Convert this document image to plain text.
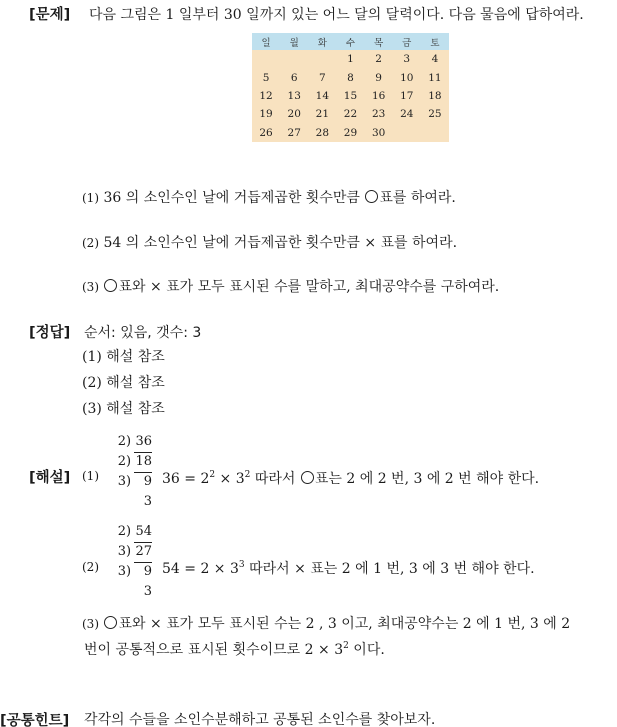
[문제] 다음 그림은 1 일부터 30 일까지 있는 어느 달의 달력이다. 다음 물음에 답하여라.
일	월	화	수	목	금	토
			1	2	3	4
5	6	7	8	9	10	11
12	13	14	15	16	17	18
19	20	21	22	23	24	25
26	27	28	29	30		
(1) 36 의 소인수인 날에 거듭제곱한 횟수만큼 ○표를 하여라.
(2) 54 의 소인수인 날에 거듭제곱한 횟수만큼 × 표를 하여라.
(3) ○표와 × 표가 모두 표시된 수를 말하고, 최대공약수를 구하여라.
[정답] 순서: 있음, 갯수: 3
(1) 해설 참조
(2) 해설 참조
(3) 해설 참조
[해설] (1)
2) 36
2) 18
3) 9
3
$36 = 2^2 \times 3^2$ 따라서 ○표는 2 에 2 번, 3 에 2 번 해야 한다.
(2)
2) 54
3) 27
3) 9
3
$54 = 2 \times 3^3$ 따라서 × 표는 2 에 1 번, 3 에 3 번 해야 한다.
(3) ○표와 × 표가 모두 표시된 수는 2 , 3 이고, 최대공약수는 2 에 1 번, 3 에 2
번이 공통적으로 표시된 횟수이므로 $2 \times 3^2$ 이다.
[공통힌트] 각각의 수들을 소인수분해하고 공통된 소인수를 찾아보자.
